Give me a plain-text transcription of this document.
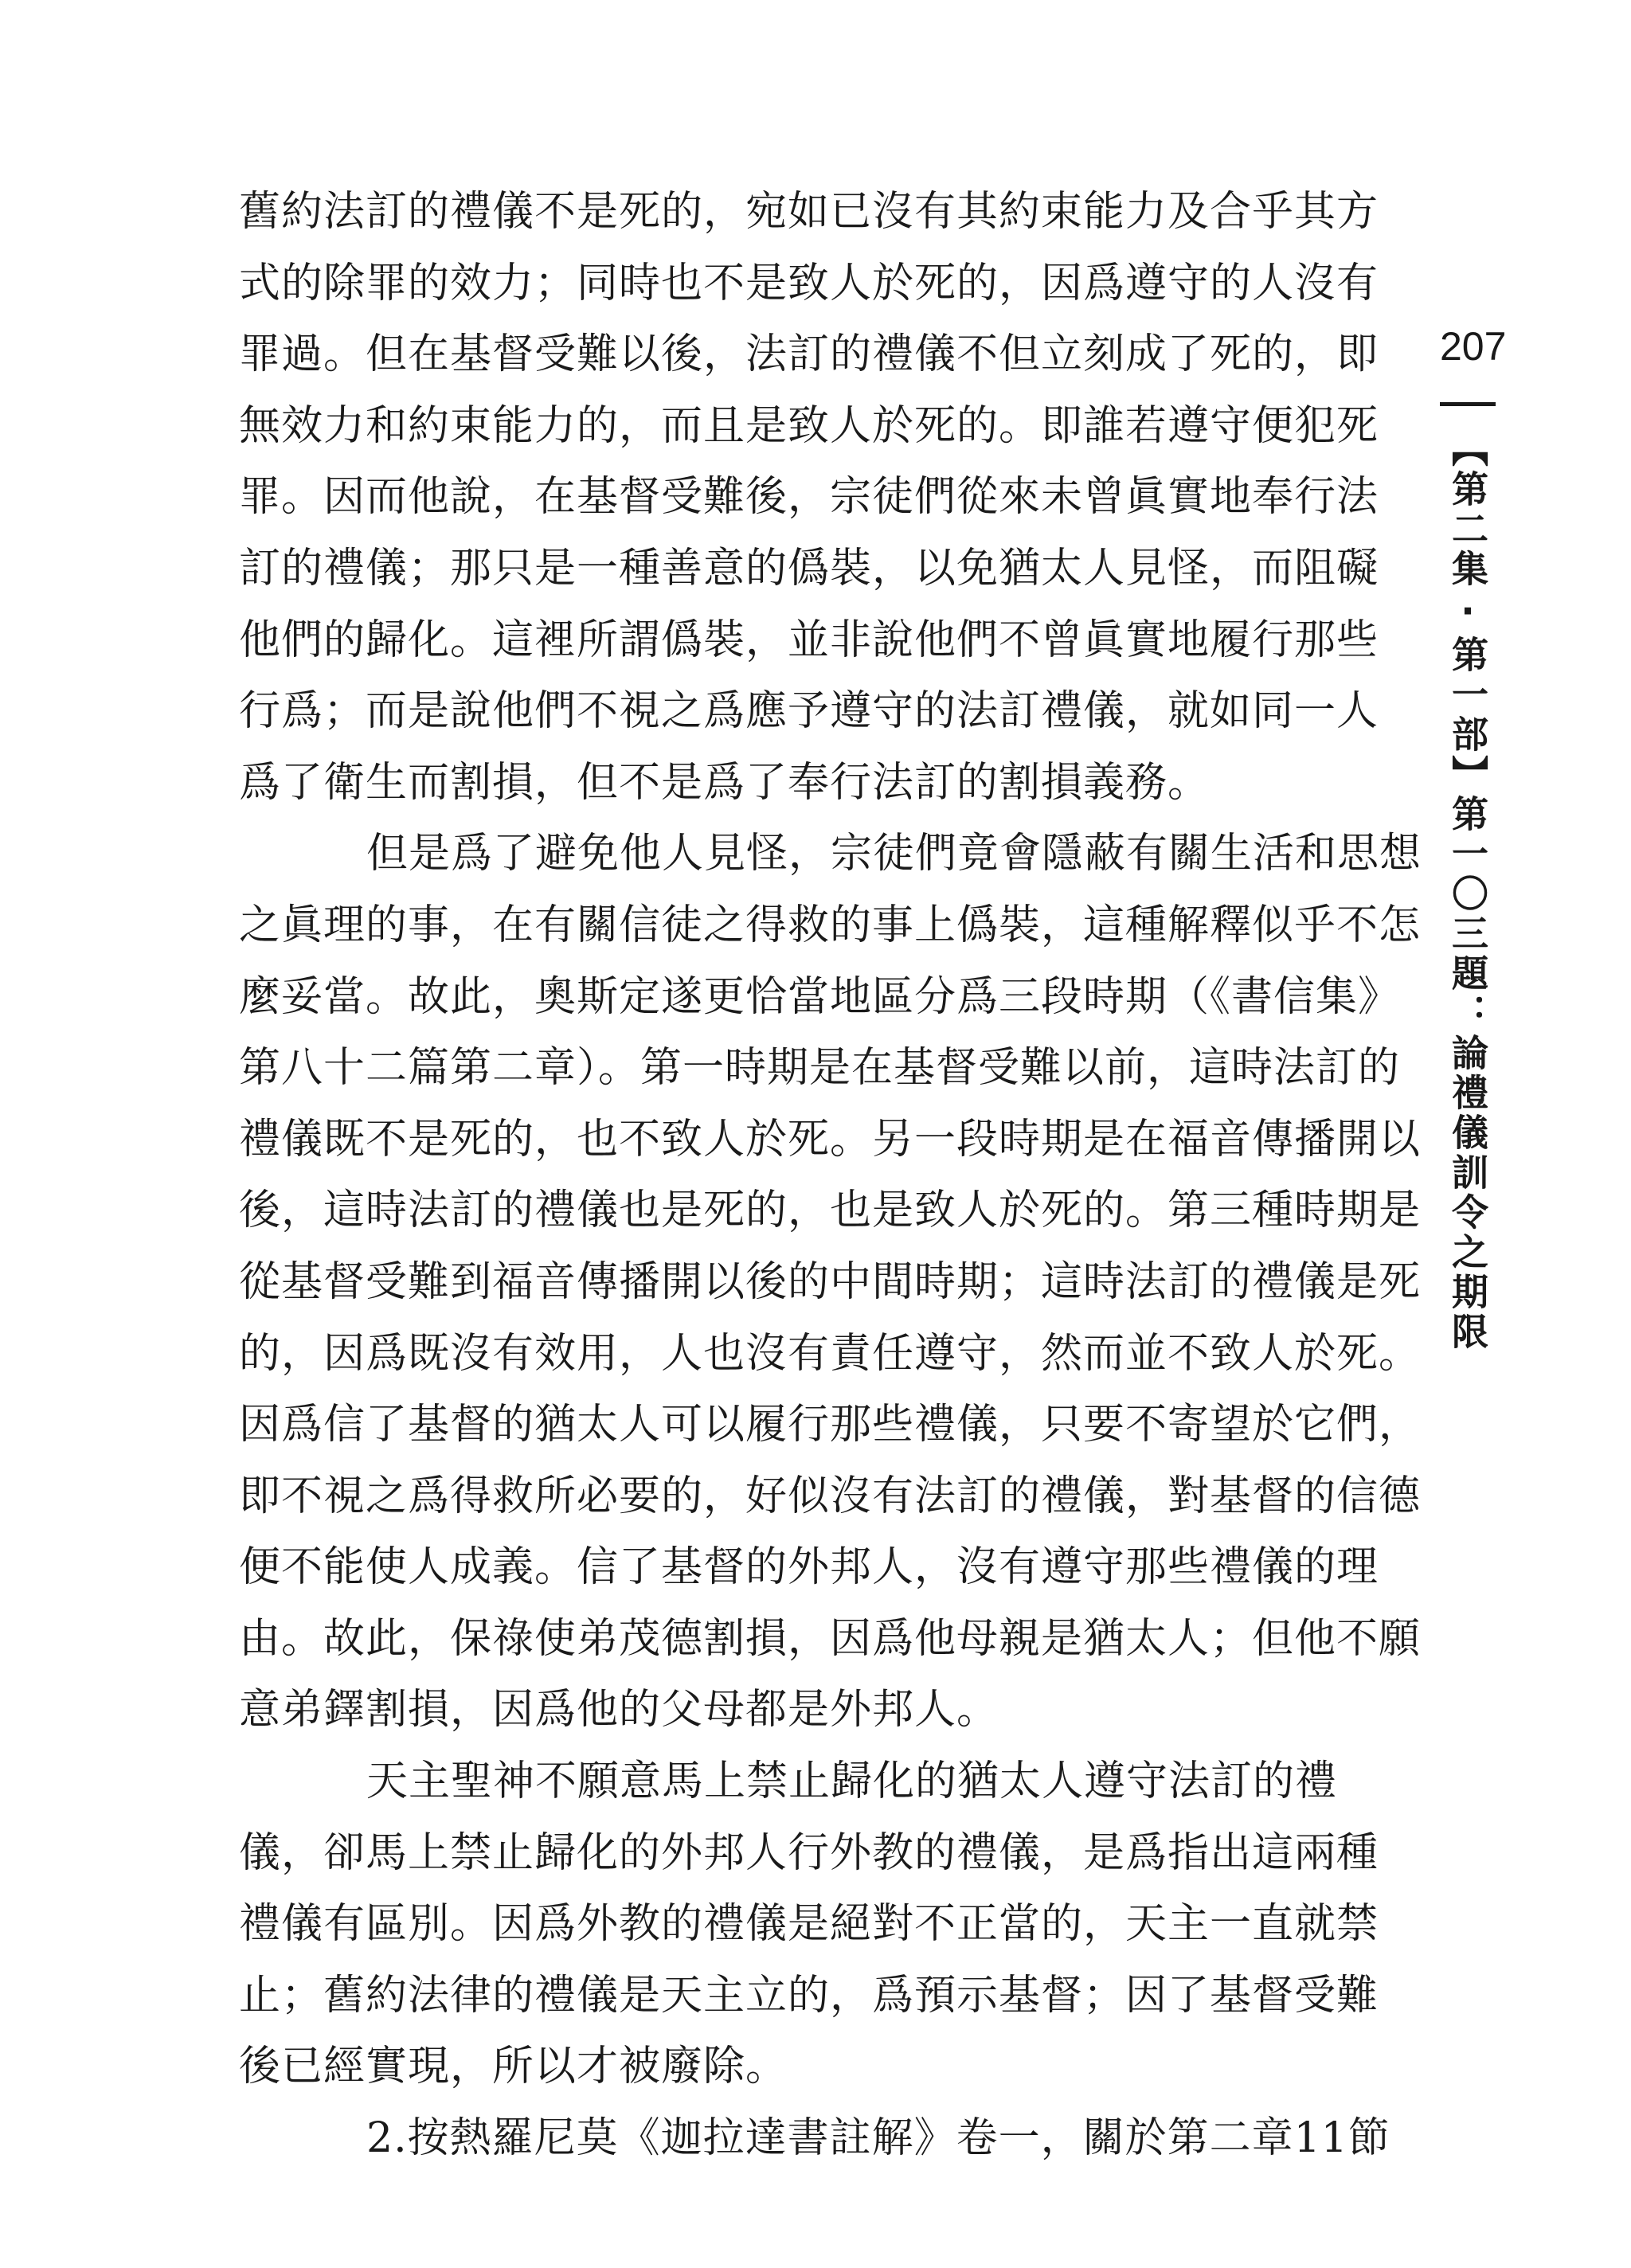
舊約法訂的禮儀不是死的，宛如已沒有其約束能力及合乎其方
式的除罪的效力；同時也不是致人於死的，因爲遵守的人沒有
罪過。但在基督受難以後，法訂的禮儀不但立刻成了死的，即
無效力和約束能力的，而且是致人於死的。即誰若遵守便犯死
罪。因而他說，在基督受難後，宗徒們從來未曾眞實地奉行法
訂的禮儀；那只是一種善意的僞裝，以免猶太人見怪，而阻礙
他們的歸化。這裡所謂僞裝，並非說他們不曾眞實地履行那些
行爲；而是說他們不視之爲應予遵守的法訂禮儀，就如同一人
爲了衛生而割損，但不是爲了奉行法訂的割損義務。
但是爲了避免他人見怪，宗徒們竟會隱蔽有關生活和思想
之眞理的事，在有關信徒之得救的事上僞裝，這種解釋似乎不怎
麼妥當。故此，奧斯定遂更恰當地區分爲三段時期（《書信集》
第八十二篇第二章）。第一時期是在基督受難以前，這時法訂的
禮儀既不是死的，也不致人於死。另一段時期是在福音傳播開以
後，這時法訂的禮儀也是死的，也是致人於死的。第三種時期是
從基督受難到福音傳播開以後的中間時期；這時法訂的禮儀是死
的，因爲既沒有效用，人也沒有責任遵守，然而並不致人於死。
因爲信了基督的猶太人可以履行那些禮儀，只要不寄望於它們，
即不視之爲得救所必要的，好似沒有法訂的禮儀，對基督的信德
便不能使人成義。信了基督的外邦人，沒有遵守那些禮儀的理
由。故此，保祿使弟茂德割損，因爲他母親是猶太人；但他不願
意弟鐸割損，因爲他的父母都是外邦人。
天主聖神不願意馬上禁止歸化的猶太人遵守法訂的禮
儀，卻馬上禁止歸化的外邦人行外教的禮儀，是爲指出這兩種
禮儀有區別。因爲外教的禮儀是絕對不正當的，天主一直就禁
止；舊約法律的禮儀是天主立的，爲預示基督；因了基督受難
後已經實現，所以才被廢除。
2.按熱羅尼莫《迦拉達書註解》卷一，關於第二章11節
207
【第二集·第一部】第一〇三題：論禮儀訓令之期限
